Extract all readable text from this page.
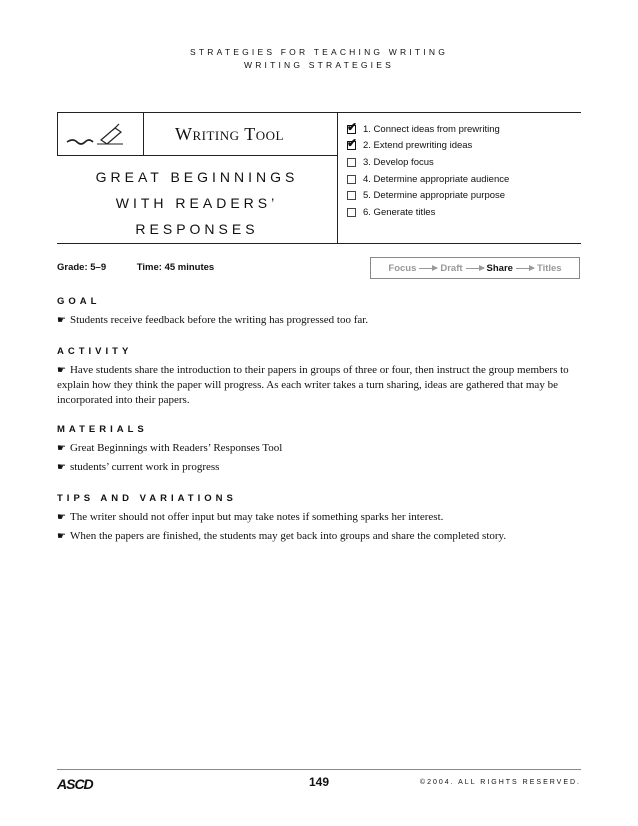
STRATEGIES FOR TEACHING WRITING
WRITING STRATEGIES
Writing Tool
GREAT BEGINNINGS
WITH READERS’
RESPONSES
✔ 1. Connect ideas from prewriting
✔ 2. Extend prewriting ideas
3. Develop focus
4. Determine appropriate audience
5. Determine appropriate purpose
6. Generate titles
Grade: 5–9	Time: 45 minutes	Focus	Draft	Share	Titles
GOAL
☛ Students receive feedback before the writing has progressed too far.
ACTIVITY
☛ Have students share the introduction to their papers in groups of three or four, then instruct the group members to explain how they think the paper will progress. As each writer takes a turn sharing, ideas are gathered that may be incorporated into their papers.
MATERIALS
☛ Great Beginnings with Readers’ Responses Tool
☛ students’ current work in progress
TIPS AND VARIATIONS
☛ The writer should not offer input but may take notes if something sparks her interest.
☛ When the papers are finished, the students may get back into groups and share the completed story.
ASCD	149	©2004. ALL RIGHTS RESERVED.
